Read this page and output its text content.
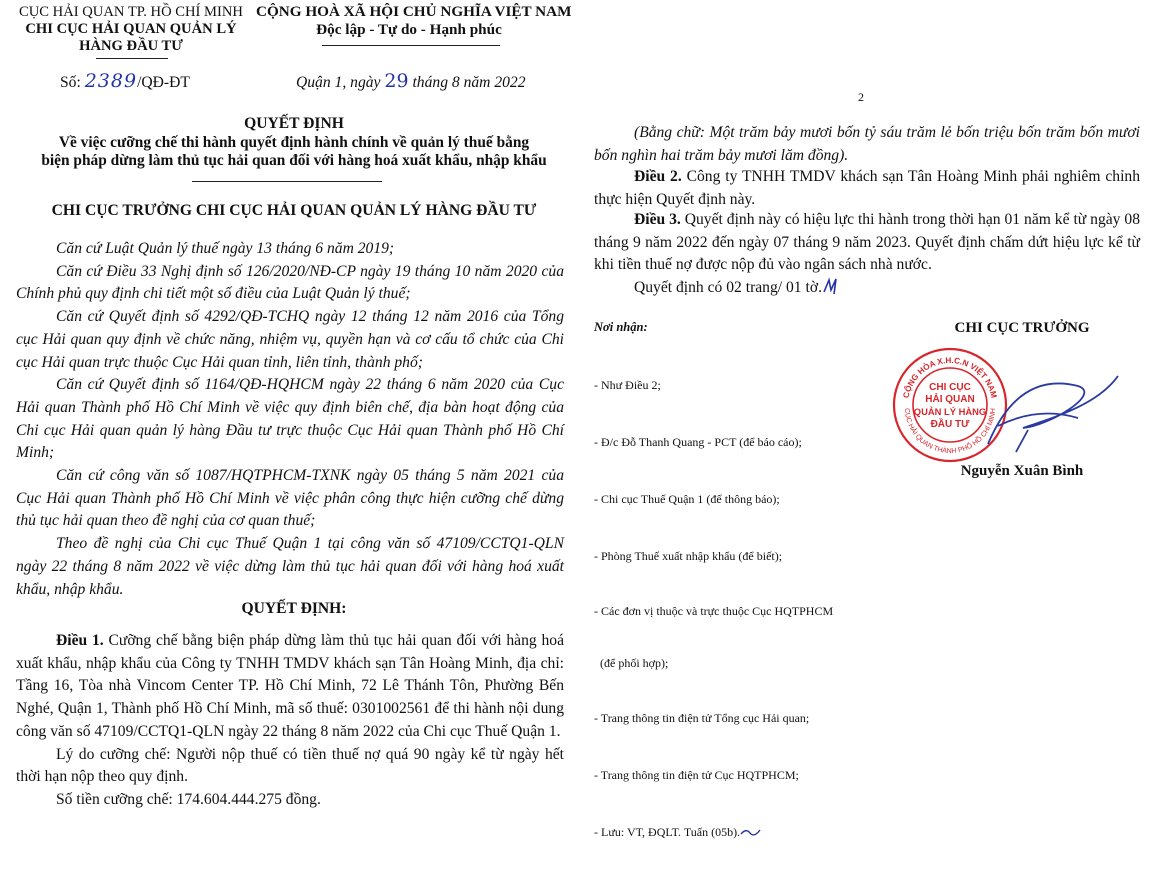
CỤC HẢI QUAN TP. HỒ CHÍ MINH
CHI CỤC HẢI QUAN QUẢN LÝ
HÀNG ĐẦU TƯ
CỘNG HOÀ XÃ HỘI CHỦ NGHĨA VIỆT NAM
Độc lập - Tự do - Hạnh phúc
Số: 2389/QĐ-ĐT	Quận 1, ngày 29 tháng 8 năm 2022
QUYẾT ĐỊNH
Về việc cưỡng chế thi hành quyết định hành chính về quản lý thuế bằng
biện pháp dừng làm thủ tục hải quan đối với hàng hoá xuất khẩu, nhập khẩu
CHI CỤC TRƯỞNG CHI CỤC HẢI QUAN QUẢN LÝ HÀNG ĐẦU TƯ
Căn cứ Luật Quản lý thuế ngày 13 tháng 6 năm 2019;
Căn cứ Điều 33 Nghị định số 126/2020/NĐ-CP ngày 19 tháng 10 năm 2020 của Chính phủ quy định chi tiết một số điều của Luật Quản lý thuế;
Căn cứ Quyết định số 4292/QĐ-TCHQ ngày 12 tháng 12 năm 2016 của Tổng cục Hải quan quy định về chức năng, nhiệm vụ, quyền hạn và cơ cấu tổ chức của Chi cục Hải quan trực thuộc Cục Hải quan tỉnh, liên tỉnh, thành phố;
Căn cứ Quyết định số 1164/QĐ-HQHCM ngày 22 tháng 6 năm 2020 của Cục Hải quan Thành phố Hồ Chí Minh về việc quy định biên chế, địa bàn hoạt động của Chi cục Hải quan quản lý hàng Đầu tư trực thuộc Cục Hải quan Thành phố Hồ Chí Minh;
Căn cứ công văn số 1087/HQTPHCM-TXNK ngày 05 tháng 5 năm 2021 của Cục Hải quan Thành phố Hồ Chí Minh về việc phân công thực hiện cưỡng chế dừng thủ tục hải quan theo đề nghị của cơ quan thuế;
Theo đề nghị của Chi cục Thuế Quận 1 tại công văn số 47109/CCTQ1-QLN ngày 22 tháng 8 năm 2022 về việc dừng làm thủ tục hải quan đối với hàng hoá xuất khẩu, nhập khẩu.
QUYẾT ĐỊNH:
Điều 1. Cưỡng chế bằng biện pháp dừng làm thủ tục hải quan đối với hàng hoá xuất khẩu, nhập khẩu của Công ty TNHH TMDV khách sạn Tân Hoàng Minh, địa chỉ: Tầng 16, Tòa nhà Vincom Center TP. Hồ Chí Minh, 72 Lê Thánh Tôn, Phường Bến Nghé, Quận 1, Thành phố Hồ Chí Minh, mã số thuế: 0301002561 để thi hành nội dung công văn số 47109/CCTQ1-QLN ngày 22 tháng 8 năm 2022 của Chi cục Thuế Quận 1.
Lý do cưỡng chế: Người nộp thuế có tiền thuế nợ quá 90 ngày kể từ ngày hết thời hạn nộp theo quy định.
Số tiền cưỡng chế: 174.604.444.275 đồng.
2
(Bằng chữ: Một trăm bảy mươi bốn tỷ sáu trăm lẻ bốn triệu bốn trăm bốn mươi bốn nghìn hai trăm bảy mươi lăm đồng).
Điều 2. Công ty TNHH TMDV khách sạn Tân Hoàng Minh phải nghiêm chỉnh thực hiện Quyết định này.
Điều 3. Quyết định này có hiệu lực thi hành trong thời hạn 01 năm kể từ ngày 08 tháng 9 năm 2022 đến ngày 07 tháng 9 năm 2023. Quyết định chấm dứt hiệu lực kể từ khi tiền thuế nợ được nộp đủ vào ngân sách nhà nước.
Quyết định có 02 trang/ 01 tờ.
Nơi nhận:

- Như Điều 2;

- Đ/c Đỗ Thanh Quang - PCT (để báo cáo);

- Chi cục Thuế Quận 1 (để thông báo);

- Phòng Thuế xuất nhập khẩu (để biết);

- Các đơn vị thuộc và trực thuộc Cục HQTPHCM

(để phối hợp);

- Trang thông tin điện tử Tổng cục Hải quan;

- Trang thông tin điện tử Cục HQTPHCM;

- Lưu: VT, ĐQLT. Tuấn (05b).

CHI CỤC TRƯỞNG
CỘNG HÒA X.H.C.N VIỆT NAM
CỤC HẢI QUAN THÀNH PHỐ HỒ CHÍ MINH
CHI CỤC
HẢI QUAN
QUẢN LÝ HÀNG
ĐẦU TƯ
Nguyễn Xuân Bình
